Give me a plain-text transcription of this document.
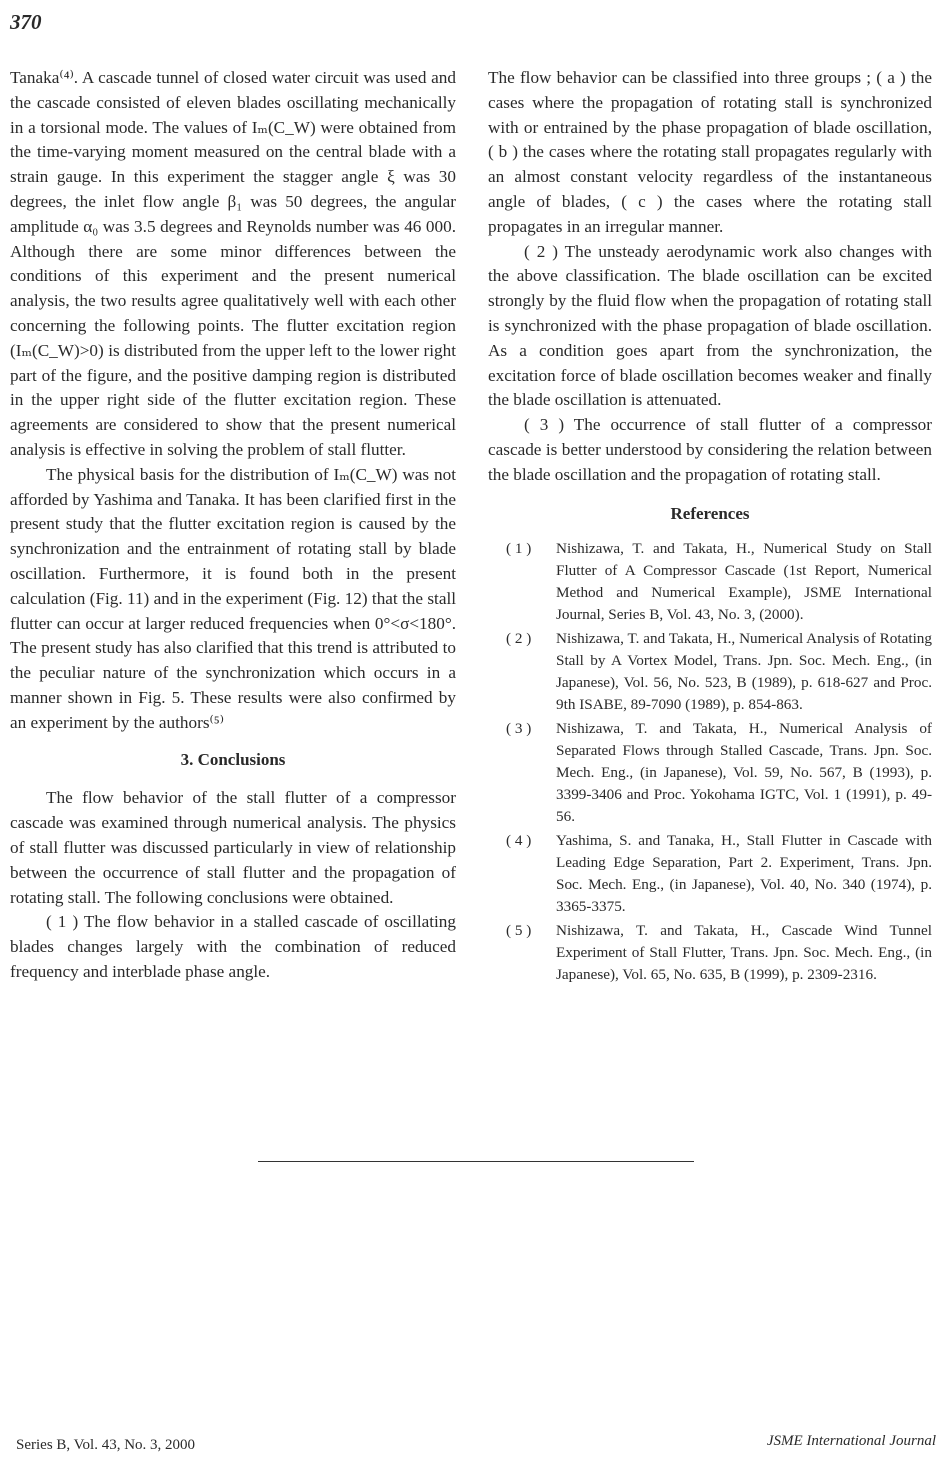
370

Tanaka⁽⁴⁾. A cascade tunnel of closed water circuit was used and the cascade consisted of eleven blades oscillating mechanically in a torsional mode. The values of Iₘ(C_W) were obtained from the time-varying moment measured on the central blade with a strain gauge. In this experiment the stagger angle ξ was 30 degrees, the inlet flow angle β₁ was 50 degrees, the angular amplitude α₀ was 3.5 degrees and Reynolds number was 46 000. Although there are some minor differences between the conditions of this experiment and the present numerical analysis, the two results agree qualitatively well with each other concerning the following points. The flutter excitation region (Iₘ(C_W)>0) is distributed from the upper left to the lower right part of the figure, and the positive damping region is distributed in the upper right side of the flutter excitation region. These agreements are considered to show that the present numerical analysis is effective in solving the problem of stall flutter.

The physical basis for the distribution of Iₘ(C_W) was not afforded by Yashima and Tanaka. It has been clarified first in the present study that the flutter excitation region is caused by the synchronization and the entrainment of rotating stall by blade oscillation. Furthermore, it is found both in the present calculation (Fig. 11) and in the experiment (Fig. 12) that the stall flutter can occur at larger reduced frequencies when 0°<σ<180°. The present study has also clarified that this trend is attributed to the peculiar nature of the synchronization which occurs in a manner shown in Fig. 5. These results were also confirmed by an experiment by the authors⁽⁵⁾

3. Conclusions

The flow behavior of the stall flutter of a compressor cascade was examined through numerical analysis. The physics of stall flutter was discussed particularly in view of relationship between the occurrence of stall flutter and the propagation of rotating stall. The following conclusions were obtained.

( 1 ) The flow behavior in a stalled cascade of oscillating blades changes largely with the combination of reduced frequency and interblade phase angle.

The flow behavior can be classified into three groups ; ( a ) the cases where the propagation of rotating stall is synchronized with or entrained by the phase propagation of blade oscillation, ( b ) the cases where the rotating stall propagates regularly with an almost constant velocity regardless of the instantaneous angle of blades, ( c ) the cases where the rotating stall propagates in an irregular manner.

( 2 ) The unsteady aerodynamic work also changes with the above classification. The blade oscillation can be excited strongly by the fluid flow when the propagation of rotating stall is synchronized with the phase propagation of blade oscillation. As a condition goes apart from the synchronization, the excitation force of blade oscillation becomes weaker and finally the blade oscillation is attenuated.

( 3 ) The occurrence of stall flutter of a compressor cascade is better understood by considering the relation between the blade oscillation and the propagation of rotating stall.

References
( 1 ) Nishizawa, T. and Takata, H., Numerical Study on Stall Flutter of A Compressor Cascade (1st Report, Numerical Method and Numerical Example), JSME International Journal, Series B, Vol. 43, No. 3, (2000).
( 2 ) Nishizawa, T. and Takata, H., Numerical Analysis of Rotating Stall by A Vortex Model, Trans. Jpn. Soc. Mech. Eng., (in Japanese), Vol. 56, No. 523, B (1989), p. 618-627 and Proc. 9th ISABE, 89-7090 (1989), p. 854-863.
( 3 ) Nishizawa, T. and Takata, H., Numerical Analysis of Separated Flows through Stalled Cascade, Trans. Jpn. Soc. Mech. Eng., (in Japanese), Vol. 59, No. 567, B (1993), p. 3399-3406 and Proc. Yokohama IGTC, Vol. 1 (1991), p. 49-56.
( 4 ) Yashima, S. and Tanaka, H., Stall Flutter in Cascade with Leading Edge Separation, Part 2. Experiment, Trans. Jpn. Soc. Mech. Eng., (in Japanese), Vol. 40, No. 340 (1974), p. 3365-3375.
( 5 ) Nishizawa, T. and Takata, H., Cascade Wind Tunnel Experiment of Stall Flutter, Trans. Jpn. Soc. Mech. Eng., (in Japanese), Vol. 65, No. 635, B (1999), p. 2309-2316.
Series B, Vol. 43, No. 3, 2000	JSME International Journal
